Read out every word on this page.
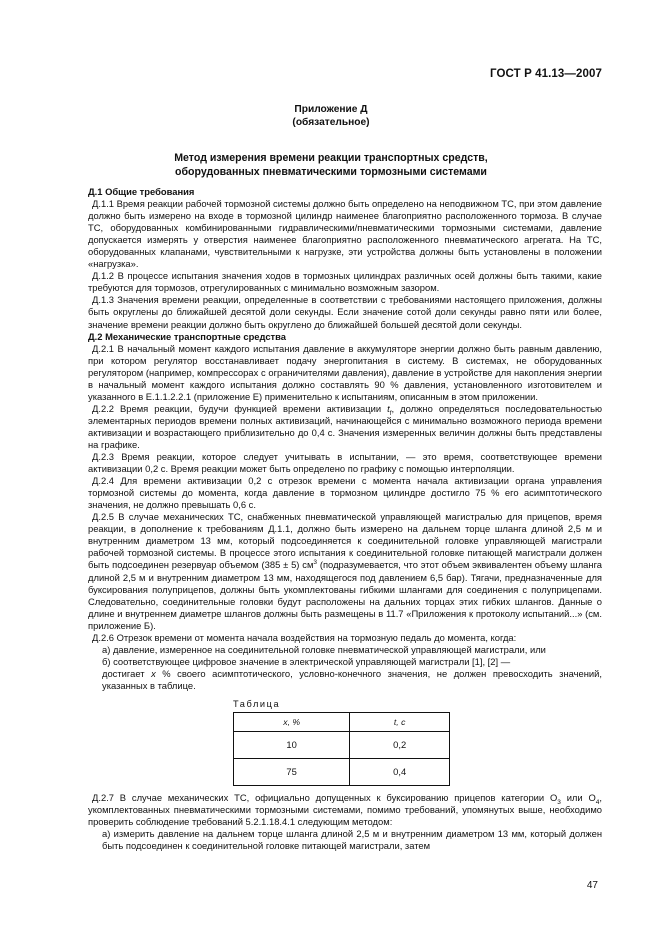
ГОСТ Р 41.13—2007
Приложение Д
(обязательное)
Метод измерения времени реакции транспортных средств,
оборудованных пневматическими тормозными системами

Д.1 Общие требования

Д.1.1 Время реакции рабочей тормозной системы должно быть определено на неподвижном ТС, при этом давление должно быть измерено на входе в тормозной цилиндр наименее благоприятно расположенного тормоза. В случае ТС, оборудованных комбинированными гидравлическими/пневматическими тормозными системами, давление допускается измерять у отверстия наименее благоприятно расположенного пневматического агрегата. На ТС, оборудованных клапанами, чувствительными к нагрузке, эти устройства должны быть установлены в положении «нагрузка».

Д.1.2 В процессе испытания значения ходов в тормозных цилиндрах различных осей должны быть такими, какие требуются для тормозов, отрегулированных с минимально возможным зазором.

Д.1.3 Значения времени реакции, определенные в соответствии с требованиями настоящего приложения, должны быть округлены до ближайшей десятой доли секунды. Если значение сотой доли секунды равно пяти или более, значение времени реакции должно быть округлено до ближайшей большей десятой доли секунды.

Д.2 Механические транспортные средства

Д.2.1 В начальный момент каждого испытания давление в аккумуляторе энергии должно быть равным давлению, при котором регулятор восстанавливает подачу энергопитания в систему. В системах, не оборудованных регулятором (например, компрессорах с ограничителями давления), давление в устройстве для накопления энергии в начальный момент каждого испытания должно составлять 90 % давления, установленного изготовителем и указанного в Е.1.1.2.2.1 (приложение Е) применительно к испытаниям, описанным в этом приложении.

Д.2.2 Время реакции, будучи функцией времени активизации $t_f$, должно определяться последовательностью элементарных периодов времени полных активизаций, начинающейся с минимально возможного периода времени активизации и возрастающего приблизительно до 0,4 с. Значения измеренных величин должны быть представлены на графике.

Д.2.3 Время реакции, которое следует учитывать в испытании, — это время, соответствующее времени активизации 0,2 с. Время реакции может быть определено по графику с помощью интерполяции.

Д.2.4 Для времени активизации 0,2 с отрезок времени с момента начала активизации органа управления тормозной системы до момента, когда давление в тормозном цилиндре достигло 75 % его асимптотического значения, не должно превышать 0,6 с.

Д.2.5 В случае механических ТС, снабженных пневматической управляющей магистралью для прицепов, время реакции, в дополнение к требованиям Д.1.1, должно быть измерено на дальнем торце шланга длиной 2,5 м и внутренним диаметром 13 мм, который подсоединяется к соединительной головке управляющей магистрали рабочей тормозной системы. В процессе этого испытания к соединительной головке питающей магистрали должен быть подсоединен резервуар объемом (385 ± 5) $см^3$ (подразумевается, что этот объем эквивалентен объему шланга длиной 2,5 м и внутренним диаметром 13 мм, находящегося под давлением 6,5 бар). Тягачи, предназначенные для буксирования полуприцепов, должны быть укомплектованы гибкими шлангами для соединения с полуприцепами. Следовательно, соединительные головки будут расположены на дальних торцах этих гибких шлангов. Данные о длине и внутреннем диаметре шлангов должны быть размещены в 11.7 «Приложения к протоколу испытаний...» (см. приложение Б).

Д.2.6 Отрезок времени от момента начала воздействия на тормозную педаль до момента, когда:

а) давление, измеренное на соединительной головке пневматической управляющей магистрали, или

б) соответствующее цифровое значение в электрической управляющей магистрали [1], [2] —

достигает x % своего асимптотического, условно-конечного значения, не должен превосходить значений, указанных в таблице.

Таблица
x, %	t, c
10	0,2
75	0,4

Д.2.7 В случае механических ТС, официально допущенных к буксированию прицепов категории $O_3$ или $O_4$, укомплектованных пневматическими тормозными системами, помимо требований, упомянутых выше, необходимо проверить соблюдение требований 5.2.1.18.4.1 следующим методом:

а) измерить давление на дальнем торце шланга длиной 2,5 м и внутренним диаметром 13 мм, который должен быть подсоединен к соединительной головке питающей магистрали, затем

47
